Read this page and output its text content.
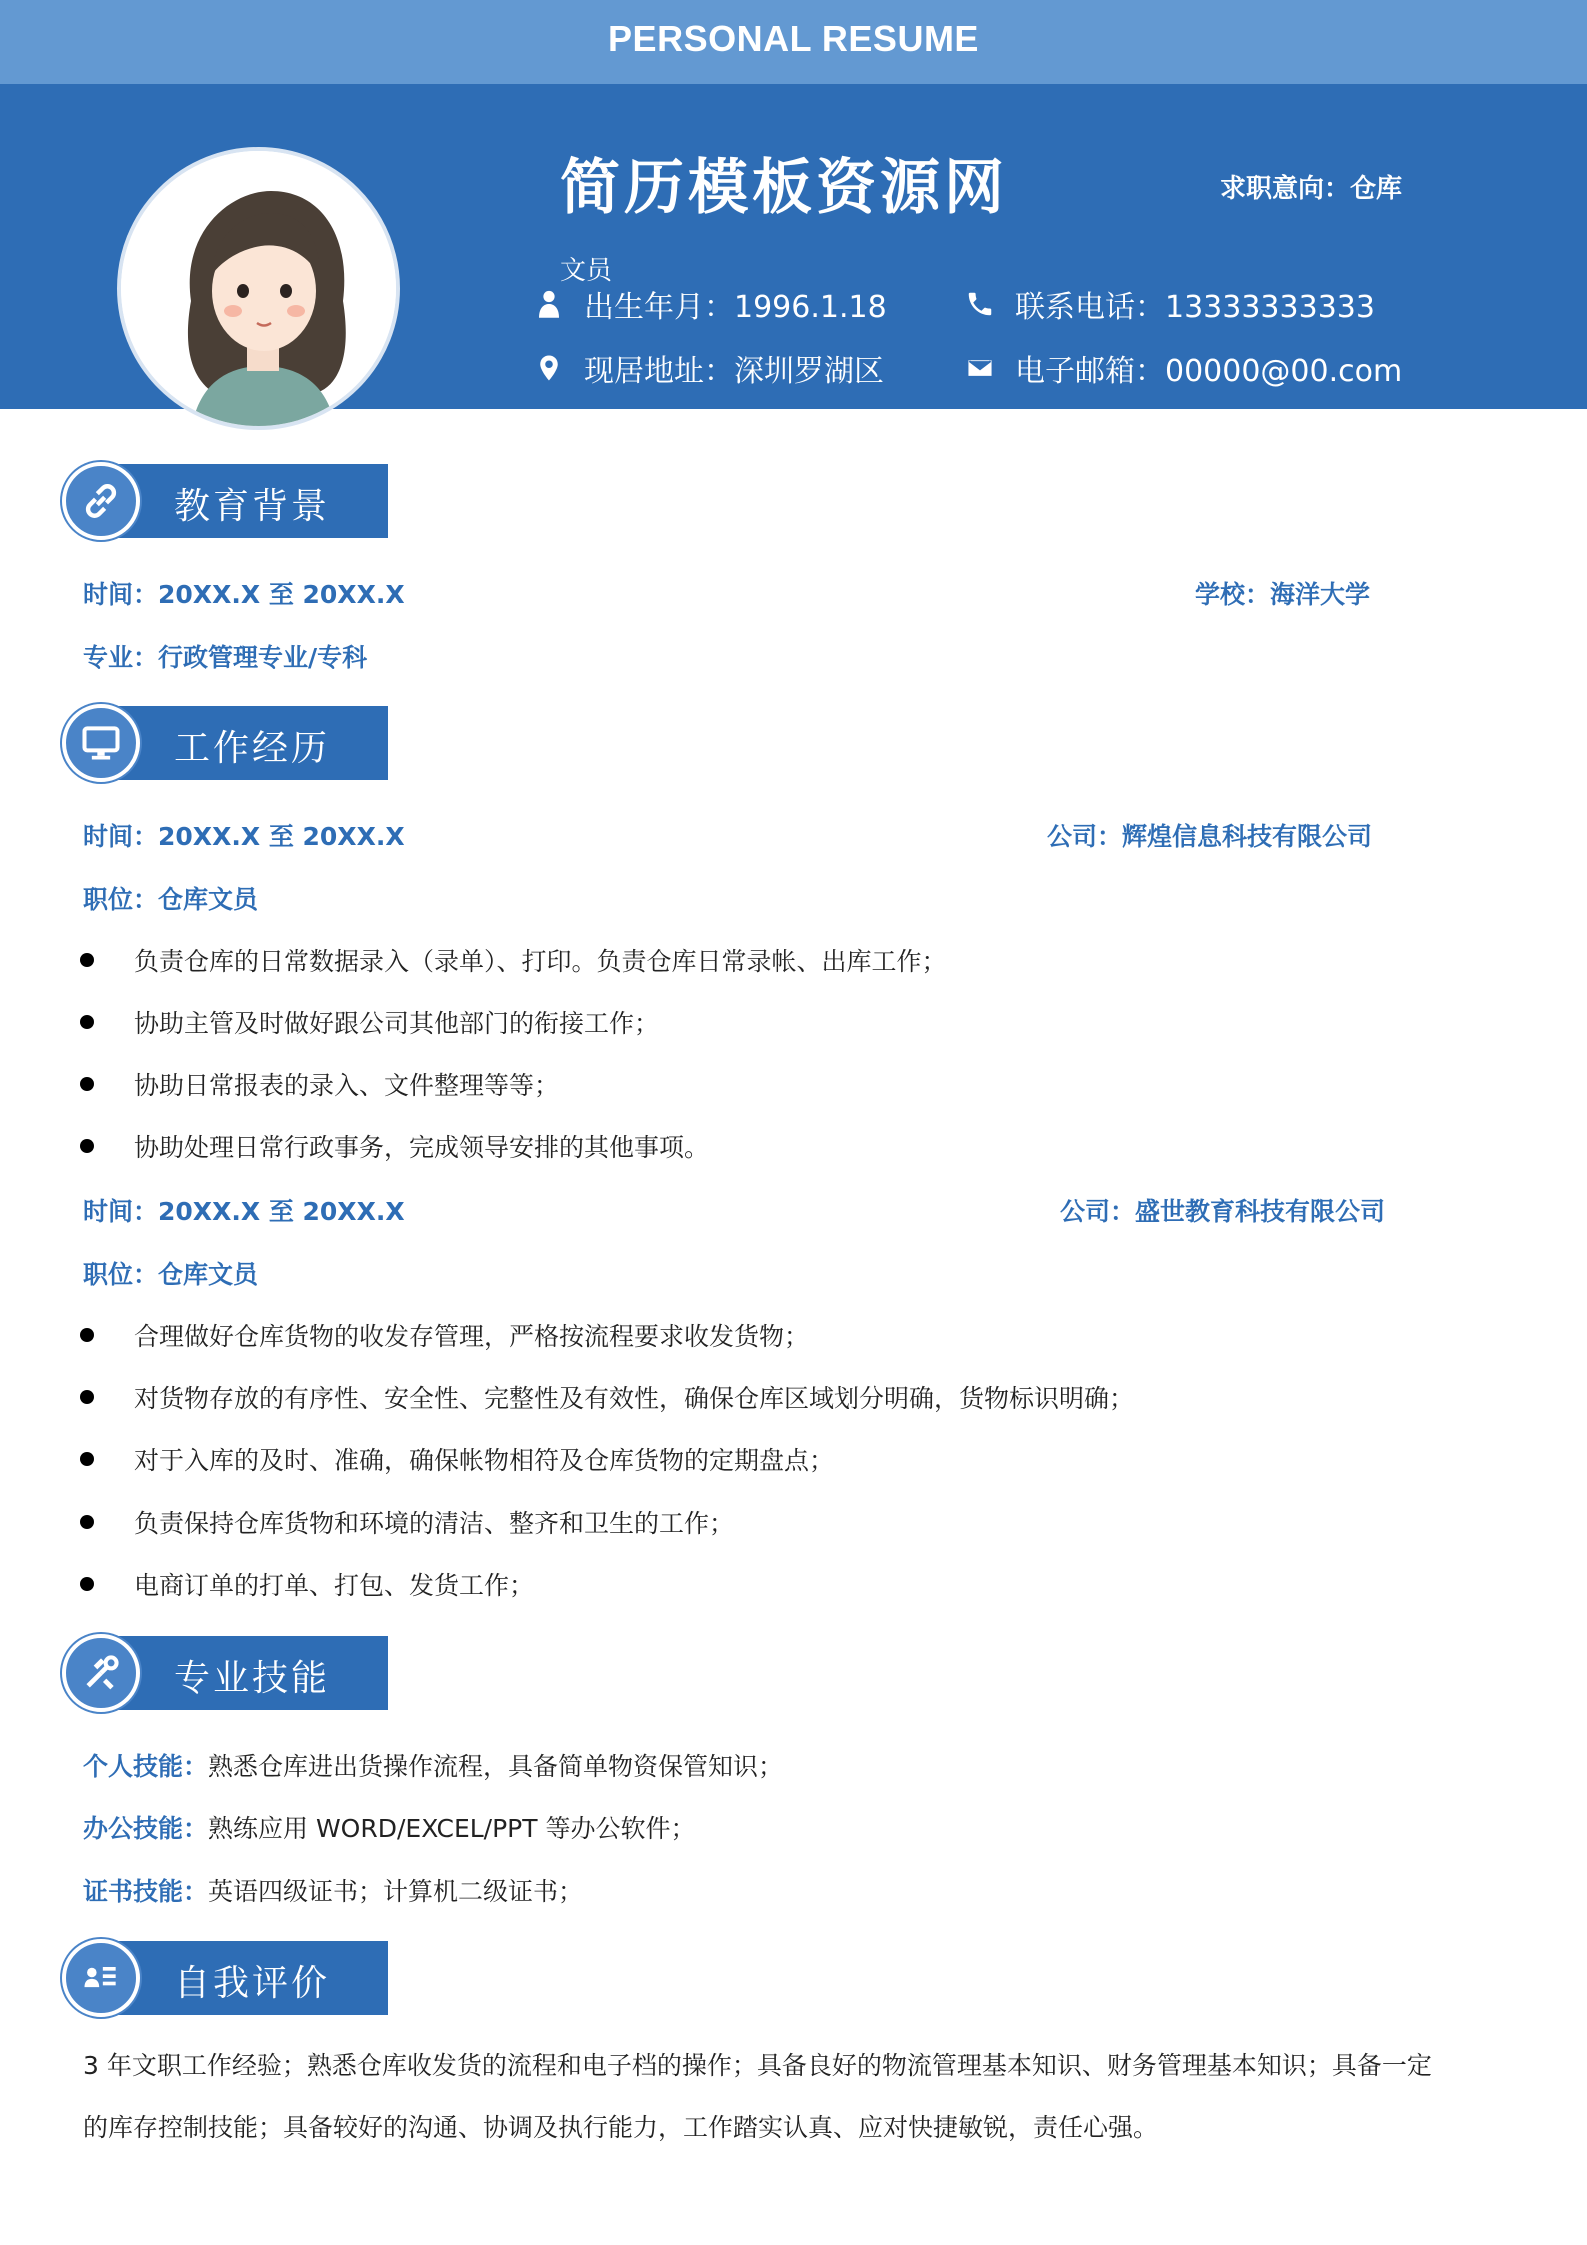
PERSONAL RESUME
简历模板资源网	求职意向：仓库
文员
出生年月：1996.1.18	联系电话：13333333333
现居地址：深圳罗湖区	电子邮箱：00000@00.com
教育背景
时间：20XX.X 至 20XX.X	学校：海洋大学
专业：行政管理专业/专科
工作经历
时间：20XX.X 至 20XX.X	公司：辉煌信息科技有限公司
职位：仓库文员
负责仓库的日常数据录入（录单）、打印。负责仓库日常录帐、出库工作；
协助主管及时做好跟公司其他部门的衔接工作；
协助日常报表的录入、文件整理等等；
协助处理日常行政事务，完成领导安排的其他事项。
时间：20XX.X 至 20XX.X	公司：盛世教育科技有限公司
职位：仓库文员
合理做好仓库货物的收发存管理，严格按流程要求收发货物；
对货物存放的有序性、安全性、完整性及有效性，确保仓库区域划分明确，货物标识明确；
对于入库的及时、准确，确保帐物相符及仓库货物的定期盘点；
负责保持仓库货物和环境的清洁、整齐和卫生的工作；
电商订单的打单、打包、发货工作；
专业技能
个人技能：熟悉仓库进出货操作流程，具备简单物资保管知识；
办公技能：熟练应用 WORD/EXCEL/PPT 等办公软件；
证书技能：英语四级证书；计算机二级证书；
自我评价
3 年文职工作经验；熟悉仓库收发货的流程和电子档的操作；具备良好的物流管理基本知识、财务管理基本知识；具备一定
的库存控制技能；具备较好的沟通、协调及执行能力，工作踏实认真、应对快捷敏锐，责任心强。
